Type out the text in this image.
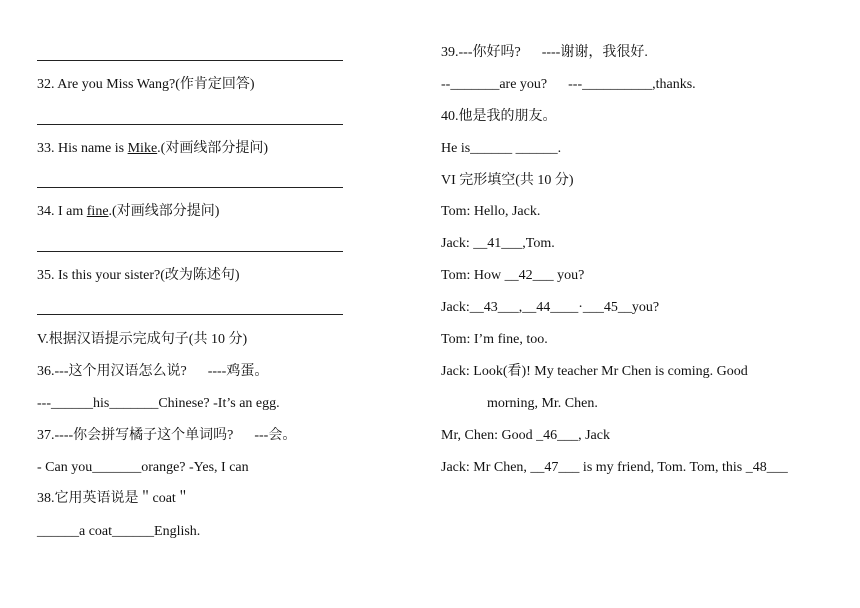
32. Are you Miss Wang?(作肯定回答)
33. His name is Mike.(对画线部分提问)
34. I am fine.(对画线部分提问)
35. Is this your sister?(改为陈述句)
V.根据汉语提示完成句子(共 10 分)
36.---这个用汉语怎么说?      ----鸡蛋。
---______his_______Chinese? -It’s an egg.
37.----你会拼写橘子这个单词吗?      ---会。
- Can you_______orange? -Yes, I can
38.它用英语说是＂coat＂
______a coat______English.
39.---你好吗?      ----谢谢，我很好.
--_______are you?      ---__________,thanks.
40.他是我的朋友。
He is______ ______.
VI 完形填空(共 10 分)
Tom: Hello, Jack.
Jack: __41___,Tom.
Tom: How __42___ you?
Jack:__43___,__44____·___45__you?
Tom: I’m fine, too.
Jack: Look(看)! My teacher Mr Chen is coming. Good
morning, Mr. Chen.
Mr, Chen: Good _46___, Jack
Jack: Mr Chen, __47___ is my friend, Tom. Tom, this _48___
